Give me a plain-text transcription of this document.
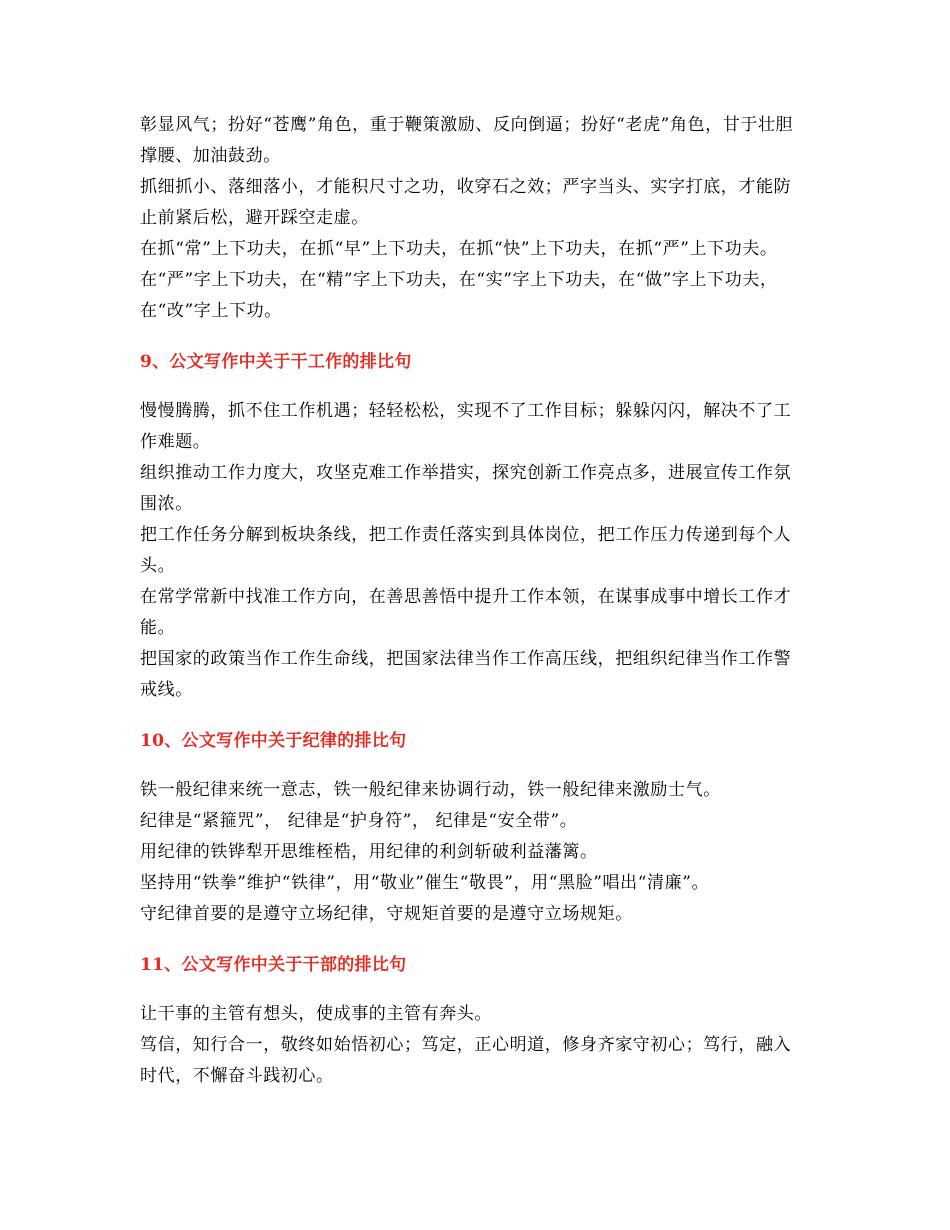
彰显风气；扮好“苍鹰”角色，重于鞭策激励、反向倒逼；扮好“老虎”角色，甘于壮胆撑腰、加油鼓劲。

抓细抓小、落细落小，才能积尺寸之功，收穿石之效；严字当头、实字打底，才能防止前紧后松，避开踩空走虚。

在抓“常”上下功夫，在抓“早”上下功夫，在抓“快”上下功夫，在抓“严”上下功夫。

在“严”字上下功夫，在“精”字上下功夫，在“实”字上下功夫，在“做”字上下功夫，在“改”字上下功。

9、公文写作中关于干工作的排比句

慢慢腾腾，抓不住工作机遇；轻轻松松，实现不了工作目标；躲躲闪闪，解决不了工作难题。

组织推动工作力度大，攻坚克难工作举措实，探究创新工作亮点多，进展宣传工作氛围浓。

把工作任务分解到板块条线，把工作责任落实到具体岗位，把工作压力传递到每个人头。

在常学常新中找准工作方向，在善思善悟中提升工作本领，在谋事成事中增长工作才能。

把国家的政策当作工作生命线，把国家法律当作工作高压线，把组织纪律当作工作警戒线。

10、公文写作中关于纪律的排比句

铁一般纪律来统一意志，铁一般纪律来协调行动，铁一般纪律来激励士气。

纪律是“紧箍咒”， 纪律是“护身符”， 纪律是“安全带”。

用纪律的铁铧犁开思维桎梏，用纪律的利剑斩破利益藩篱。

坚持用“铁拳”维护“铁律”，用“敬业”催生“敬畏”，用“黑脸”唱出“清廉”。

守纪律首要的是遵守立场纪律，守规矩首要的是遵守立场规矩。

11、公文写作中关于干部的排比句

让干事的主管有想头，使成事的主管有奔头。

笃信，知行合一，敬终如始悟初心；笃定，正心明道，修身齐家守初心；笃行，融入时代，不懈奋斗践初心。
